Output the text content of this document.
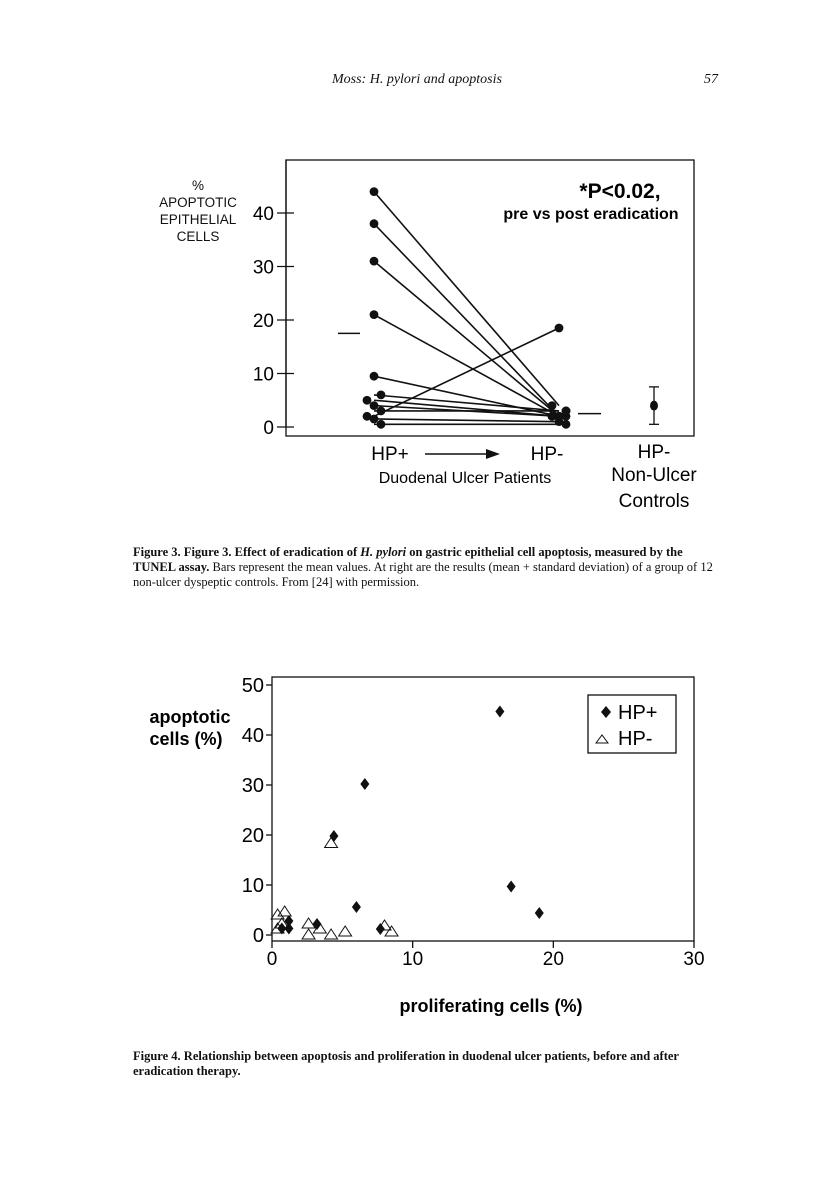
Moss: H. pylori and apoptosis	57
%
APOPTOTIC
EPITHELIAL
CELLS
40
30
20
10
0
*P<0.02,
pre vs post eradication
HP+	HP-
Duodenal Ulcer Patients
HP-
Non-Ulcer
Controls
Figure 3. Figure 3. Effect of eradication of H. pylori on gastric epithelial cell apoptosis, measured by the TUNEL assay. Bars represent the mean values. At right are the results (mean + standard deviation) of a group of 12 non-ulcer dyspeptic controls. From [24] with permission.
apoptotic
cells (%)
0
10
20
30
40
50
0	10	20	30
HP+
HP-
proliferating cells (%)
Figure 4. Relationship between apoptosis and proliferation in duodenal ulcer patients, before and after eradication therapy.
